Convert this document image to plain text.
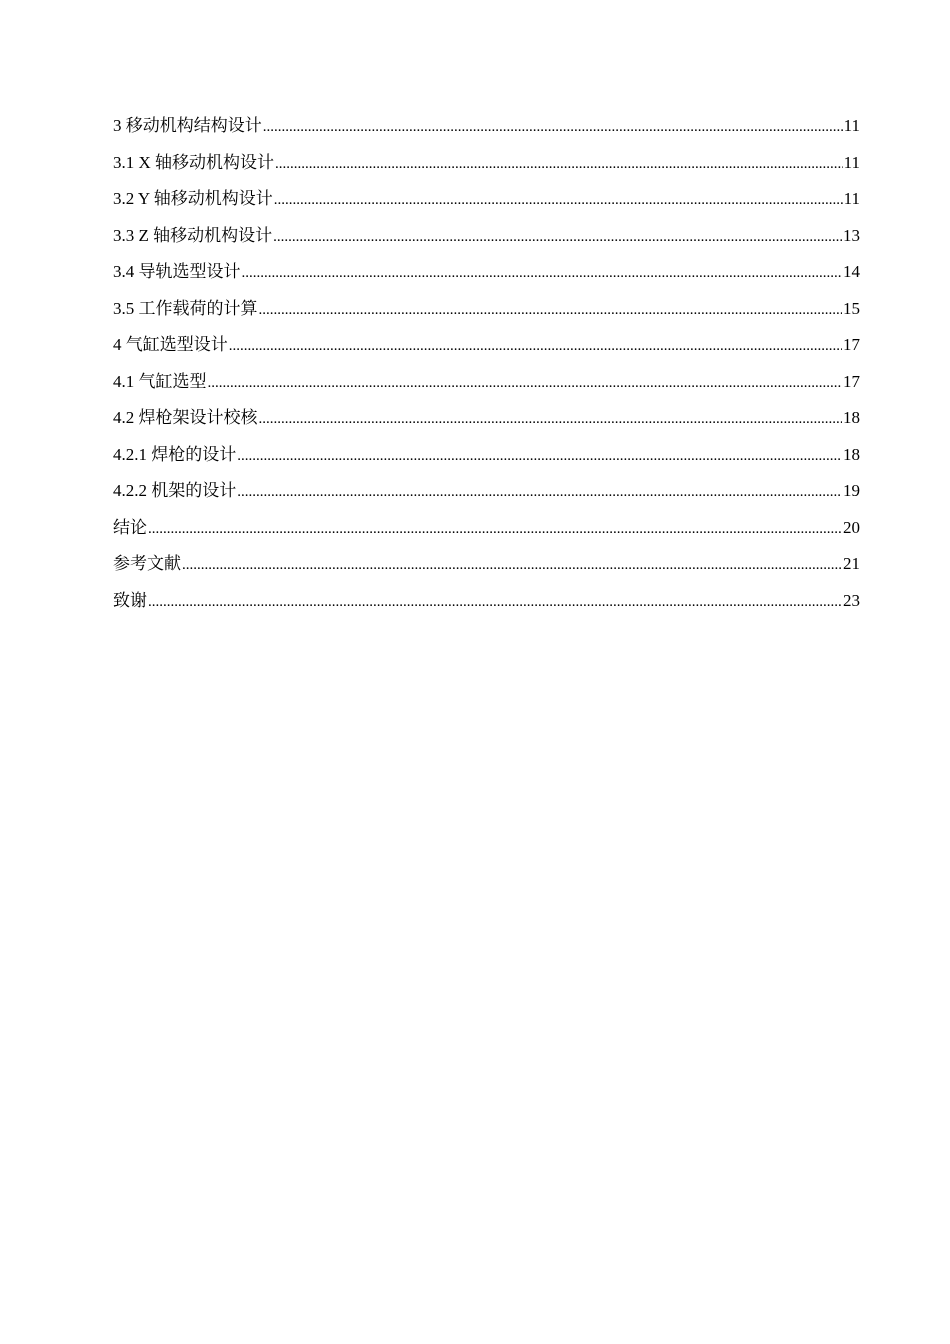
3 移动机构结构设计 .....	11
3.1 X 轴移动机构设计 .....	11
3.2 Y 轴移动机构设计 .....	11
3.3 Z 轴移动机构设计 .....	13
3.4 导轨选型设计 .....	14
3.5 工作载荷的计算 .....	15
4 气缸选型设计 .....	17
4.1 气缸选型 .....	17
4.2 焊枪架设计校核 .....	18
4.2.1 焊枪的设计 .....	18
4.2.2 机架的设计 .....	19
结论 .....	20
参考文献 .....	21
致谢 .....	23
